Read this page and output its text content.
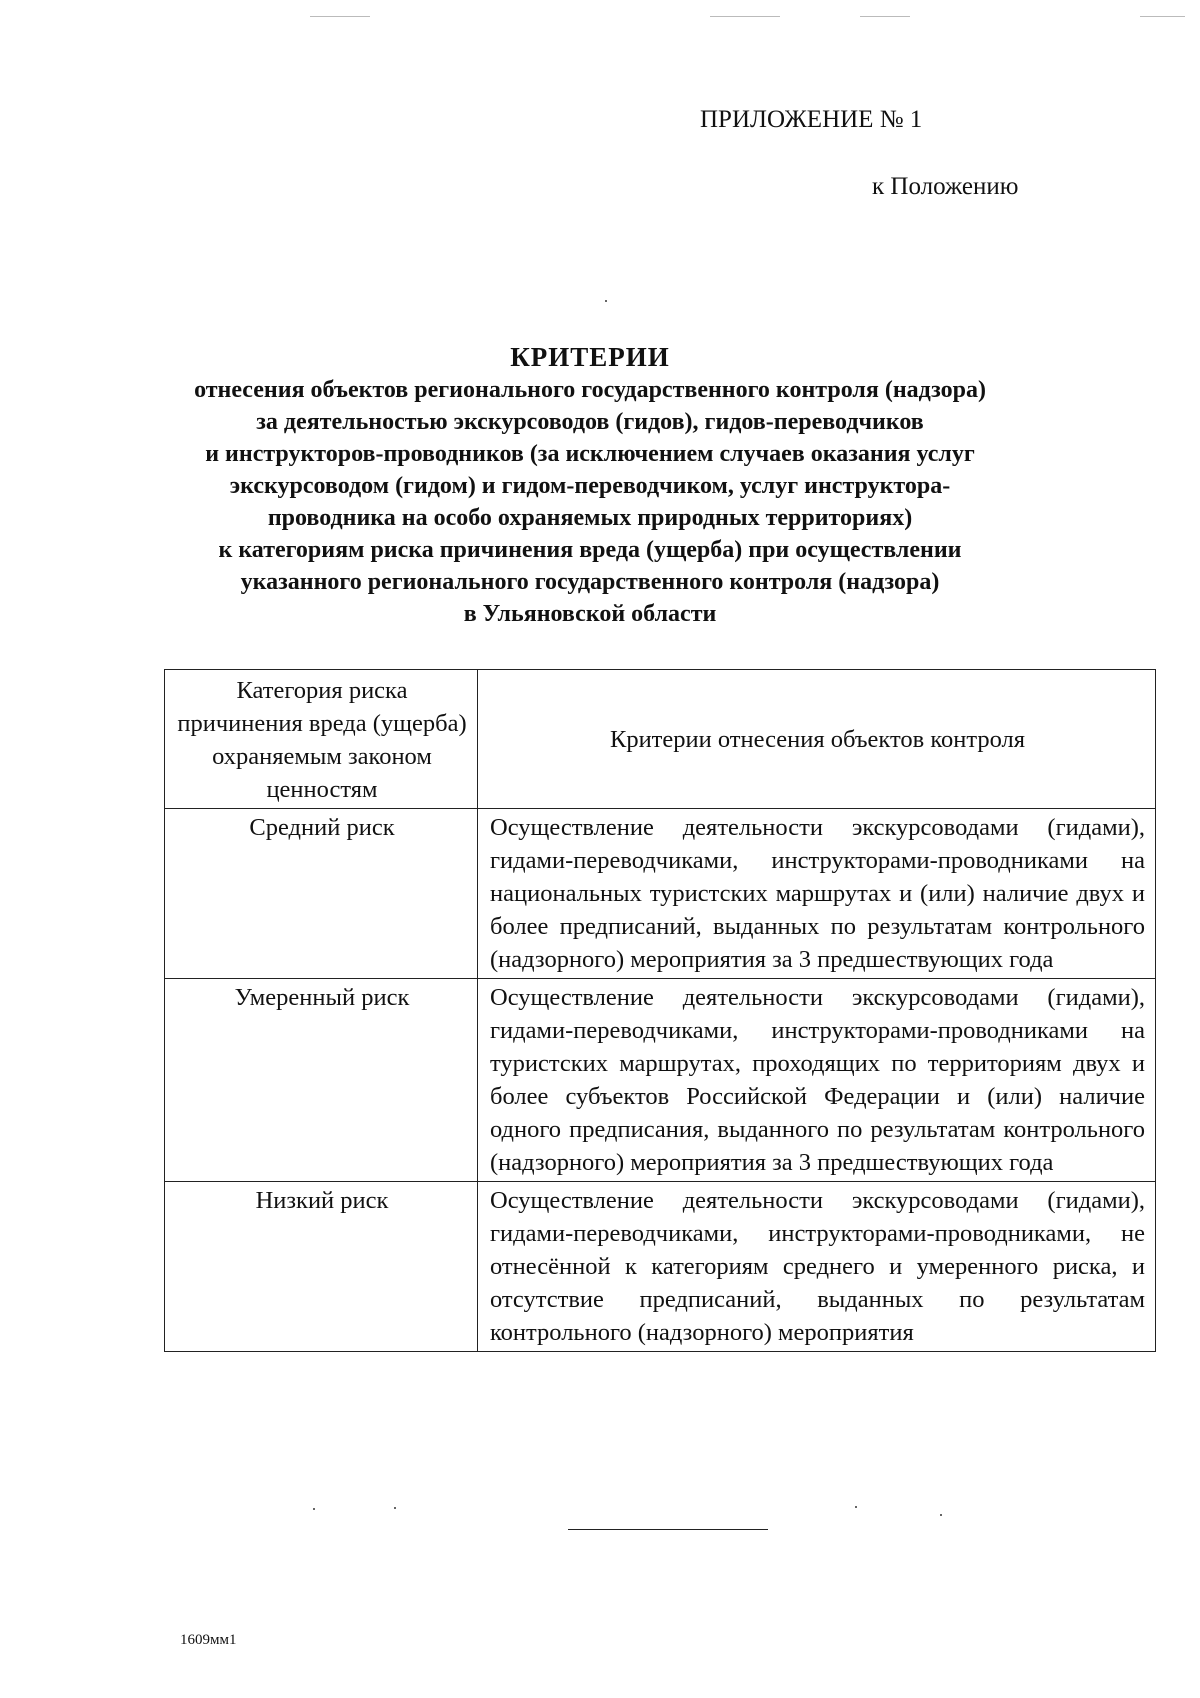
ПРИЛОЖЕНИЕ № 1
к Положению
КРИТЕРИИ
отнесения объектов регионального государственного контроля (надзора)
за деятельностью экскурсоводов (гидов), гидов-переводчиков
и инструкторов-проводников (за исключением случаев оказания услуг
экскурсоводом (гидом) и гидом-переводчиком, услуг инструктора-
проводника на особо охраняемых природных территориях)
к категориям риска причинения вреда (ущерба) при осуществлении
указанного регионального государственного контроля (надзора)
в Ульяновской области
Категория риска причинения вреда (ущерба) охраняемым законом ценностям	Критерии отнесения объектов контроля
Средний риск	Осуществление деятельности экскурсоводами (гидами), гидами-переводчиками, инструкторами-проводниками на национальных туристских маршрутах и (или) наличие двух и более предписаний, выданных по результатам контрольного (надзорного) мероприятия за 3 предшествующих года
Умеренный риск	Осуществление деятельности экскурсоводами (гидами), гидами-переводчиками, инструкторами-проводниками на туристских маршрутах, проходящих по территориям двух и более субъектов Российской Федерации и (или) наличие одного предписания, выданного по результатам контрольного (надзорного) мероприятия за 3 предшествующих года
Низкий риск	Осуществление деятельности экскурсоводами (гидами), гидами-переводчиками, инструкторами-проводниками, не отнесённой к категориям среднего и умеренного риска, и отсутствие предписаний, выданных по результатам контрольного (надзорного) мероприятия
1609мм1
